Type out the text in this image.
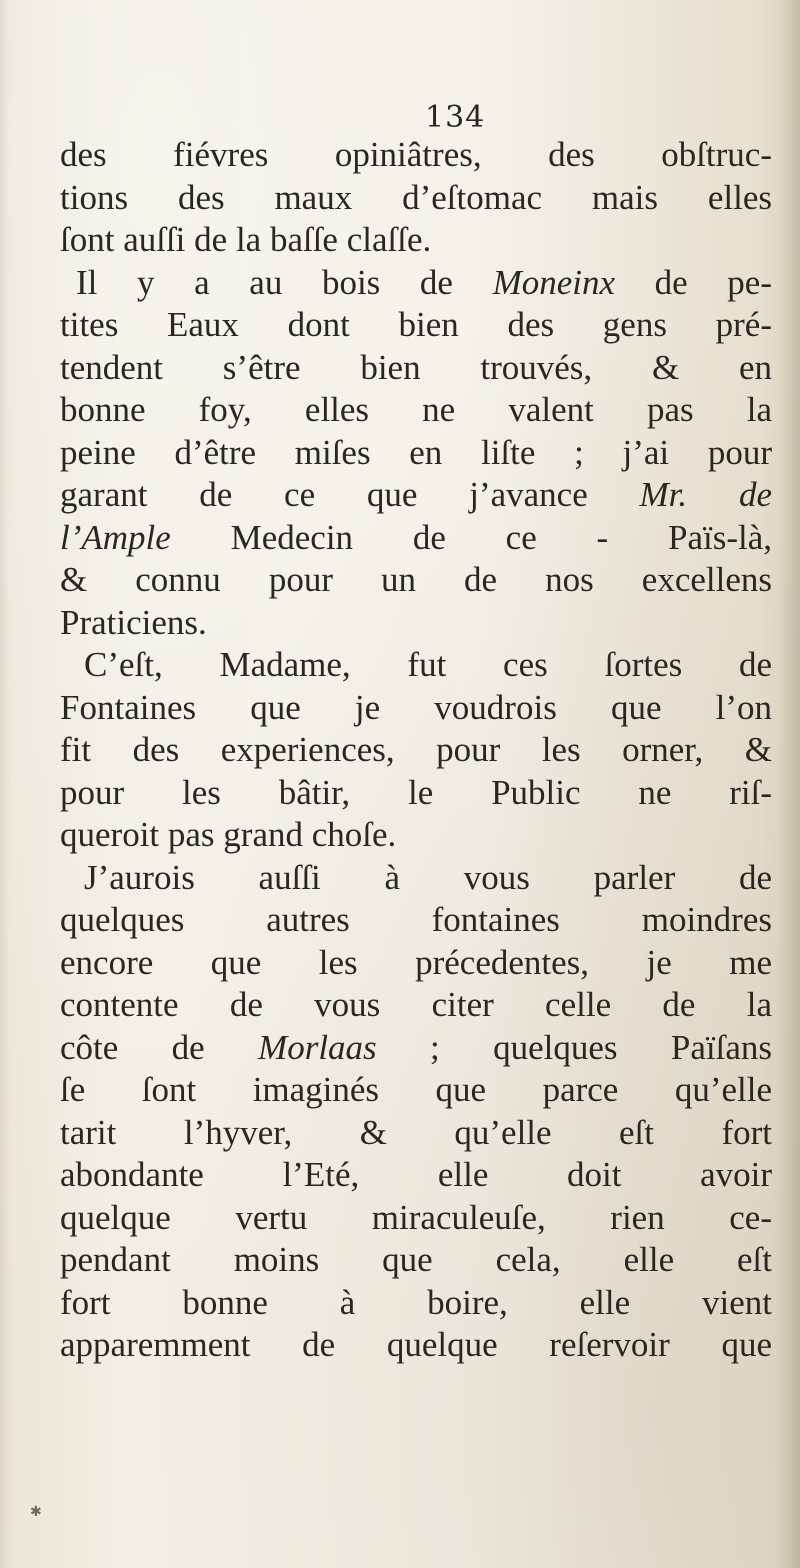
134
des fiévres opiniâtres, des obſtruc-
tions des maux d’eſtomac mais elles
ſont auſſi de la baſſe claſſe.
Il y a au bois de Moneinx de pe-
tites Eaux dont bien des gens pré-
tendent s’être bien trouvés, & en
bonne foy, elles ne valent pas la
peine d’être miſes en liſte ; j’ai pour
garant de ce que j’avance Mr. de
l’Ample Medecin de ce - Païs-là,
& connu pour un de nos excellens
Praticiens.
C’eſt, Madame, fut ces ſortes de
Fontaines que je voudrois que l’on
fit des experiences, pour les orner, &
pour les bâtir, le Public ne riſ-
queroit pas grand choſe.
J’aurois auſſi à vous parler de
quelques autres fontaines moindres
encore que les précedentes, je me
contente de vous citer celle de la
côte de Morlaas ; quelques Païſans
ſe ſont imaginés que parce qu’elle
tarit l’hyver, & qu’elle eſt fort
abondante l’Eté, elle doit avoir
quelque vertu miraculeuſe, rien ce-
pendant moins que cela, elle eſt
fort bonne à boire, elle vient
apparemment de quelque reſervoir que
✱
